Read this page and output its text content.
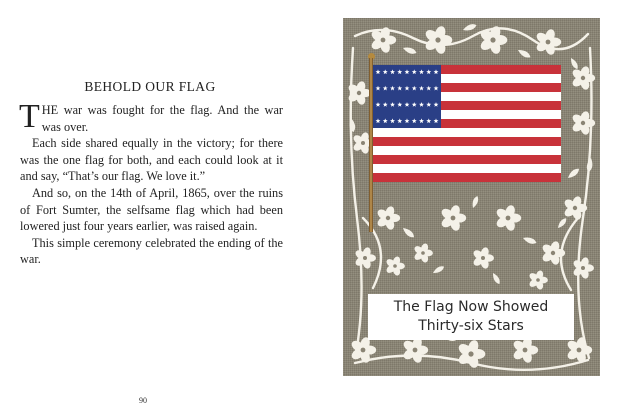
BEHOLD OUR FLAG

THE war was fought for the flag. And the war was over.

Each side shared equally in the victory; for there was the one flag for both, and each could look at it and say, “That’s our flag. We love it.”

And so, on the 14th of April, 1865, over the ruins of Fort Sumter, the selfsame flag which had been lowered just four years earlier, was raised again.

This simple ceremony celebrated the ending of the war.

90
The Flag Now Showed
Thirty-six Stars
